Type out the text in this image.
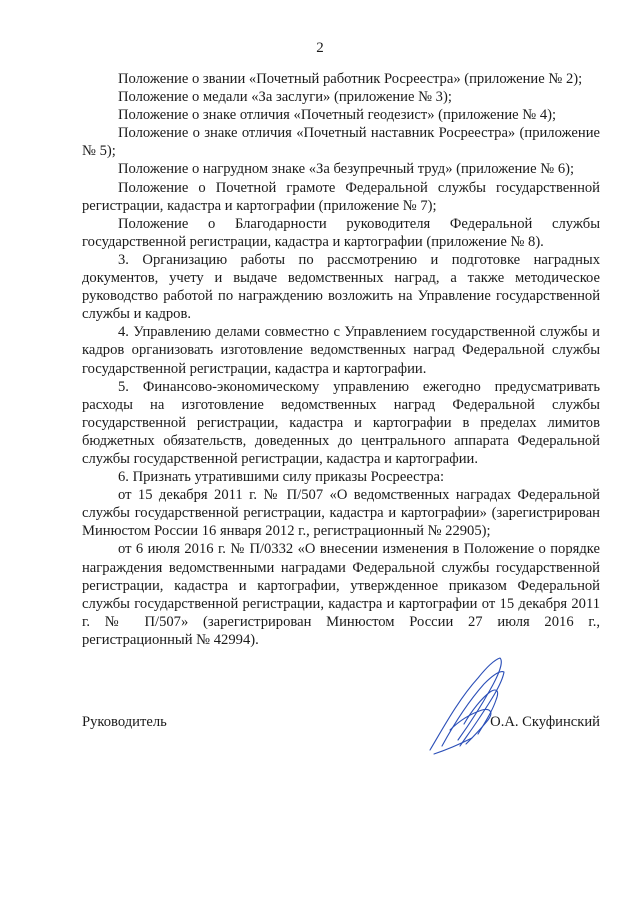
2

Положение о звании «Почетный работник Росреестра» (приложение № 2);

Положение о медали «За заслуги» (приложение № 3);

Положение о знаке отличия «Почетный геодезист» (приложение № 4);

Положение о знаке отличия «Почетный наставник Росреестра» (приложение № 5);

Положение о нагрудном знаке «За безупречный труд» (приложение № 6);

Положение о Почетной грамоте Федеральной службы государственной регистрации, кадастра и картографии (приложение № 7);

Положение о Благодарности руководителя Федеральной службы государственной регистрации, кадастра и картографии (приложение № 8).

3. Организацию работы по рассмотрению и подготовке наградных документов, учету и выдаче ведомственных наград, а также методическое руководство работой по награждению возложить на Управление государственной службы и кадров.

4. Управлению делами совместно с Управлением государственной службы и кадров организовать изготовление ведомственных наград Федеральной службы государственной регистрации, кадастра и картографии.

5. Финансово-экономическому управлению ежегодно предусматривать расходы на изготовление ведомственных наград Федеральной службы государственной регистрации, кадастра и картографии в пределах лимитов бюджетных обязательств, доведенных до центрального аппарата Федеральной службы государственной регистрации, кадастра и картографии.

6. Признать утратившими силу приказы Росреестра:

от 15 декабря 2011 г. № П/507 «О ведомственных наградах Федеральной службы государственной регистрации, кадастра и картографии» (зарегистрирован Минюстом России 16 января 2012 г., регистрационный № 22905);

от 6 июля 2016 г. № П/0332 «О внесении изменения в Положение о порядке награждения ведомственными наградами Федеральной службы государственной регистрации, кадастра и картографии, утвержденное приказом Федеральной службы государственной регистрации, кадастра и картографии от 15 декабря 2011 г. № П/507» (зарегистрирован Минюстом России 27 июля 2016 г., регистрационный № 42994).

Руководитель	О.А. Скуфинский
